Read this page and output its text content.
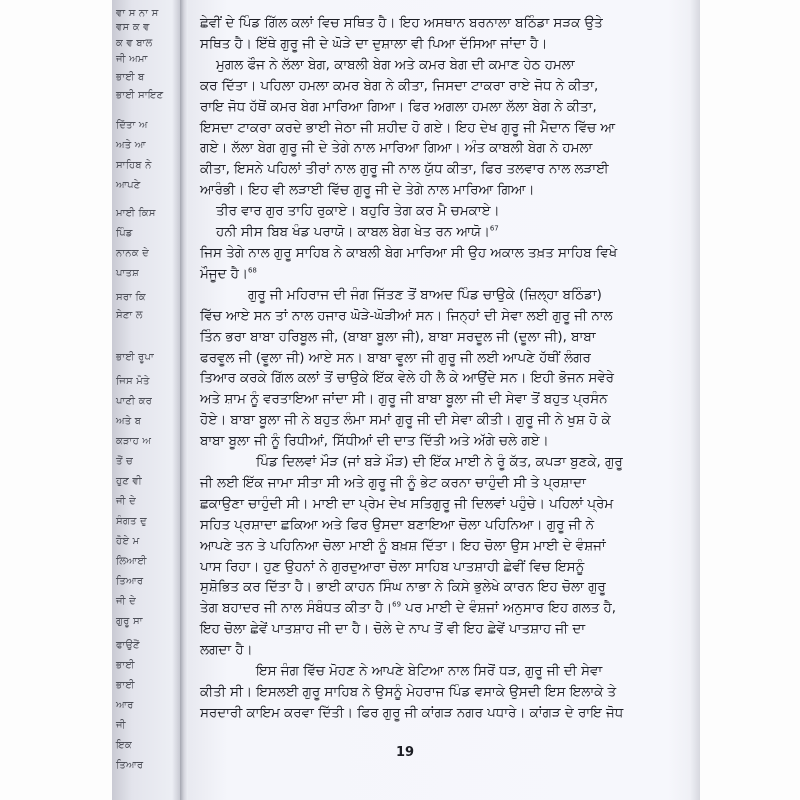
ਵਾ ਸ ਨਾ ਸ
ਵਸ ਕ ਵ
ਕ ਵ ਬਾਲ
ਜੀ ਅਮਾ
ਭਾਈ ਬ
ਭਾਈ ਸਾਇਣ
ਦਿੱਤਾ ਅ
ਅਤੇ ਆ
ਸਾਹਿਬ ਨੇ
ਆਪਣੇ
ਮਾਈ ਕਿਸ
ਪਿੰਡ
ਨਾਨਕ ਦੇ
ਪਾਤਸ਼
ਸਰਾ ਕਿ
ਸੇਣਾ ਲ
ਭਾਈ ਰੂਪਾ
ਜਿਸ ਮੋਤੇ
ਪਾਣੀ ਕਰ
ਅਤੇ ਬ
ਕੜਾਹ ਅ
ਤੋਂ ਚ
ਹੁਣ ਵੀ
ਜੀ ਦੇ
ਸੰਗਤ ਦੁ
ਹੋਏ ਮ
ਲਿਆਈ
ਤਿਆਰ
ਜੀ ਦੇ
ਗੁਰੂ ਸਾ
ਫਾਉਣੋਂ
ਭਾਈ
ਭਾਈ
ਆਰ
ਜੀ
ਇਕ
ਤਿਆਰ
ਛੇਵੀਂ ਦੇ ਪਿੰਡ ਗਿੱਲ ਕਲਾਂ ਵਿਚ ਸਥਿਤ ਹੈ। ਇਹ ਅਸਥਾਨ ਬਰਨਾਲਾ ਬਠਿੰਡਾ ਸੜਕ ਉਤੇ
ਸਥਿਤ ਹੈ। ਇੱਥੇ ਗੁਰੂ ਜੀ ਦੇ ਘੋੜੇ ਦਾ ਦੁਸ਼ਾਲਾ ਵੀ ਪਿਆ ਦੱਸਿਆ ਜਾਂਦਾ ਹੈ।
ਮੁਗਲ ਫੌਜ ਨੇ ਲੱਲਾ ਬੇਗ, ਕਾਬਲੀ ਬੇਗ ਅਤੇ ਕਮਰ ਬੇਗ ਦੀ ਕਮਾਣ ਹੇਠ ਹਮਲਾ
ਕਰ ਦਿੱਤਾ। ਪਹਿਲਾ ਹਮਲਾ ਕਮਰ ਬੇਗ ਨੇ ਕੀਤਾ, ਜਿਸਦਾ ਟਾਕਰਾ ਰਾਏ ਜੋਧ ਨੇ ਕੀਤਾ,
ਰਾਇ ਜੋਧ ਹੱਥੋਂ ਕਮਰ ਬੇਗ ਮਾਰਿਆ ਗਿਆ। ਫਿਰ ਅਗਲਾ ਹਮਲਾ ਲੱਲਾ ਬੇਗ ਨੇ ਕੀਤਾ,
ਇਸਦਾ ਟਾਕਰਾ ਕਰਦੇ ਭਾਈ ਜੇਠਾ ਜੀ ਸ਼ਹੀਦ ਹੋ ਗਏ। ਇਹ ਦੇਖ ਗੁਰੂ ਜੀ ਮੈਦਾਨ ਵਿੱਚ ਆ
ਗਏ। ਲੱਲਾ ਬੇਗ ਗੁਰੂ ਜੀ ਦੇ ਤੇਗੇ ਨਾਲ ਮਾਰਿਆ ਗਿਆ। ਅੰਤ ਕਾਬਲੀ ਬੇਗ ਨੇ ਹਮਲਾ
ਕੀਤਾ, ਇਸਨੇ ਪਹਿਲਾਂ ਤੀਰਾਂ ਨਾਲ ਗੁਰੂ ਜੀ ਨਾਲ ਯੁੱਧ ਕੀਤਾ, ਫਿਰ ਤਲਵਾਰ ਨਾਲ ਲੜਾਈ
ਆਰੰਭੀ। ਇਹ ਵੀ ਲੜਾਈ ਵਿੱਚ ਗੁਰੂ ਜੀ ਦੇ ਤੇਗੇ ਨਾਲ ਮਾਰਿਆ ਗਿਆ।
ਤੀਰ ਵਾਰ ਗੁਰ ਤਾਹਿ ਰੁਕਾਏ। ਬਹੁਰਿ ਤੇਗ ਕਰ ਮੈ ਚਮਕਾਏ।
ਹਨੀ ਸੀਸ ਬਿਬ ਖੰਡ ਪਰਾਯੋ। ਕਾਬਲ ਬੇਗ ਖੇਤ ਰਨ ਆਯੋ।$^{67}$
ਜਿਸ ਤੇਗੇ ਨਾਲ ਗੁਰੂ ਸਾਹਿਬ ਨੇ ਕਾਬਲੀ ਬੇਗ ਮਾਰਿਆ ਸੀ ਉਹ ਅਕਾਲ ਤਖ਼ਤ ਸਾਹਿਬ ਵਿਖੇ
ਮੌਜੂਦ ਹੈ।$^{68}$
ਗੁਰੂ ਜੀ ਮਹਿਰਾਜ ਦੀ ਜੰਗ ਜਿੱਤਣ ਤੋਂ ਬਾਅਦ ਪਿੰਡ ਚਾਉਕੇ (ਜ਼ਿਲ੍ਹਾ ਬਠਿੰਡਾ)
ਵਿੱਚ ਆਏ ਸਨ ਤਾਂ ਨਾਲ ਹਜਾਰ ਘੋੜੇ-ਘੋੜੀਆਂ ਸਨ। ਜਿਨ੍ਹਾਂ ਦੀ ਸੇਵਾ ਲਈ ਗੁਰੂ ਜੀ ਨਾਲ
ਤਿੰਨ ਭਰਾ ਬਾਬਾ ਹਰਿਬੂਲ ਜੀ, (ਬਾਬਾ ਬੂਲਾ ਜੀ), ਬਾਬਾ ਸਰਦੂਲ ਜੀ (ਦੂਲਾ ਜੀ), ਬਾਬਾ
ਫਰਵੂਲ ਜੀ (ਵੂਲਾ ਜੀ) ਆਏ ਸਨ। ਬਾਬਾ ਵੂਲਾ ਜੀ ਗੁਰੂ ਜੀ ਲਈ ਆਪਣੇ ਹੱਥੀਂ ਲੰਗਰ
ਤਿਆਰ ਕਰਕੇ ਗਿੱਲ ਕਲਾਂ ਤੋਂ ਚਾਉਕੇ ਇੱਕ ਵੇਲੇ ਹੀ ਲੈ ਕੇ ਆਉਂਦੇ ਸਨ। ਇਹੀ ਭੋਜਨ ਸਵੇਰੇ
ਅਤੇ ਸ਼ਾਮ ਨੂੰ ਵਰਤਾਇਆ ਜਾਂਦਾ ਸੀ। ਗੁਰੂ ਜੀ ਬਾਬਾ ਬੂਲਾ ਜੀ ਦੀ ਸੇਵਾ ਤੋਂ ਬਹੁਤ ਪ੍ਰਸੰਨ
ਹੋਏ। ਬਾਬਾ ਬੂਲਾ ਜੀ ਨੇ ਬਹੁਤ ਲੰਮਾ ਸਮਾਂ ਗੁਰੂ ਜੀ ਦੀ ਸੇਵਾ ਕੀਤੀ। ਗੁਰੂ ਜੀ ਨੇ ਖੁਸ਼ ਹੋ ਕੇ
ਬਾਬਾ ਬੂਲਾ ਜੀ ਨੂੰ ਰਿਧੀਆਂ, ਸਿੱਧੀਆਂ ਦੀ ਦਾਤ ਦਿੱਤੀ ਅਤੇ ਅੱਗੇ ਚਲੇ ਗਏ।
ਪਿੰਡ ਦਿਲਵਾਂ ਮੌੜ (ਜਾਂ ਬੜੇ ਮੌੜ) ਦੀ ਇੱਕ ਮਾਈ ਨੇ ਰੂੰ ਕੱਤ, ਕਪੜਾ ਬੁਣਕੇ, ਗੁਰੂ
ਜੀ ਲਈ ਇੱਕ ਜਾਮਾ ਸੀਤਾ ਸੀ ਅਤੇ ਗੁਰੂ ਜੀ ਨੂੰ ਭੇਟ ਕਰਨਾ ਚਾਹੁੰਦੀ ਸੀ ਤੇ ਪ੍ਰਸ਼ਾਦਾ
ਛਕਾਉਣਾ ਚਾਹੁੰਦੀ ਸੀ। ਮਾਈ ਦਾ ਪ੍ਰੇਮ ਦੇਖ ਸਤਿਗੁਰੂ ਜੀ ਦਿਲਵਾਂ ਪਹੁੰਚੇ। ਪਹਿਲਾਂ ਪ੍ਰੇਮ
ਸਹਿਤ ਪ੍ਰਸ਼ਾਦਾ ਛਕਿਆ ਅਤੇ ਫਿਰ ਉਸਦਾ ਬਣਾਇਆ ਚੋਲਾ ਪਹਿਨਿਆ। ਗੁਰੂ ਜੀ ਨੇ
ਆਪਣੇ ਤਨ ਤੇ ਪਹਿਨਿਆ ਚੋਲਾ ਮਾਈ ਨੂੰ ਬਖ਼ਸ਼ ਦਿੱਤਾ। ਇਹ ਚੋਲਾ ਉਸ ਮਾਈ ਦੇ ਵੰਸ਼ਜਾਂ
ਪਾਸ ਰਿਹਾ। ਹੁਣ ਉਹਨਾਂ ਨੇ ਗੁਰਦੁਆਰਾ ਚੋਲਾ ਸਾਹਿਬ ਪਾਤਸ਼ਾਹੀ ਛੇਵੀਂ ਵਿਚ ਇਸਨੂੰ
ਸੁਸ਼ੋਭਿਤ ਕਰ ਦਿੱਤਾ ਹੈ। ਭਾਈ ਕਾਹਨ ਸਿੰਘ ਨਾਭਾ ਨੇ ਕਿਸੇ ਭੁਲੇਖੇ ਕਾਰਨ ਇਹ ਚੋਲਾ ਗੁਰੂ
ਤੇਗ ਬਹਾਦਰ ਜੀ ਨਾਲ ਸੰਬੰਧਤ ਕੀਤਾ ਹੈ।$^{69}$ ਪਰ ਮਾਈ ਦੇ ਵੰਸ਼ਜਾਂ ਅਨੁਸਾਰ ਇਹ ਗਲਤ ਹੈ,
ਇਹ ਚੋਲਾ ਛੇਵੇਂ ਪਾਤਸ਼ਾਹ ਜੀ ਦਾ ਹੈ। ਚੋਲੇ ਦੇ ਨਾਪ ਤੋਂ ਵੀ ਇਹ ਛੇਵੇਂ ਪਾਤਸ਼ਾਹ ਜੀ ਦਾ
ਲਗਦਾ ਹੈ।
ਇਸ ਜੰਗ ਵਿੱਚ ਮੋਹਣ ਨੇ ਆਪਣੇ ਬੇਟਿਆ ਨਾਲ ਸਿਰੋਂ ਧੜ, ਗੁਰੂ ਜੀ ਦੀ ਸੇਵਾ
ਕੀਤੀ ਸੀ। ਇਸਲਈ ਗੁਰੂ ਸਾਹਿਬ ਨੇ ਉਸਨੂੰ ਮੇਹਰਾਜ ਪਿੰਡ ਵਸਾਕੇ ਉਸਦੀ ਇਸ ਇਲਾਕੇ ਤੇ
ਸਰਦਾਰੀ ਕਾਇਮ ਕਰਵਾ ਦਿੱਤੀ। ਫਿਰ ਗੁਰੂ ਜੀ ਕਾਂਗੜ ਨਗਰ ਪਧਾਰੇ। ਕਾਂਗੜ ਦੇ ਰਾਇ ਜੋਧ
19
